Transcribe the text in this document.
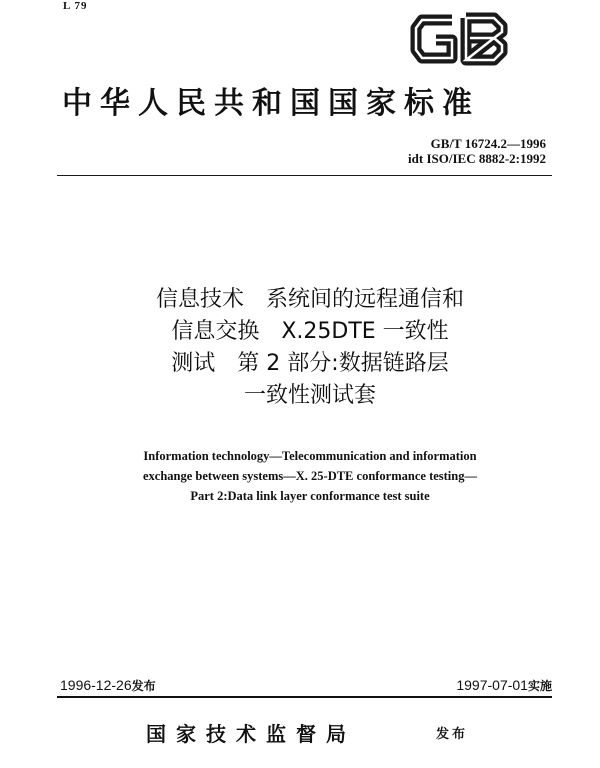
L 79
中华人民共和国国家标准
GB/T 16724.2—1996
idt ISO/IEC 8882-2:1992
信息技术　系统间的远程通信和
信息交换　X.25DTE 一致性
测试　第 2 部分:数据链路层
一致性测试套
Information technology—Telecommunication and information
exchange between systems—X. 25-DTE conformance testing—
Part 2:Data link layer conformance test suite
1996-12-26发布	1997-07-01实施
国家技术监督局	发布
